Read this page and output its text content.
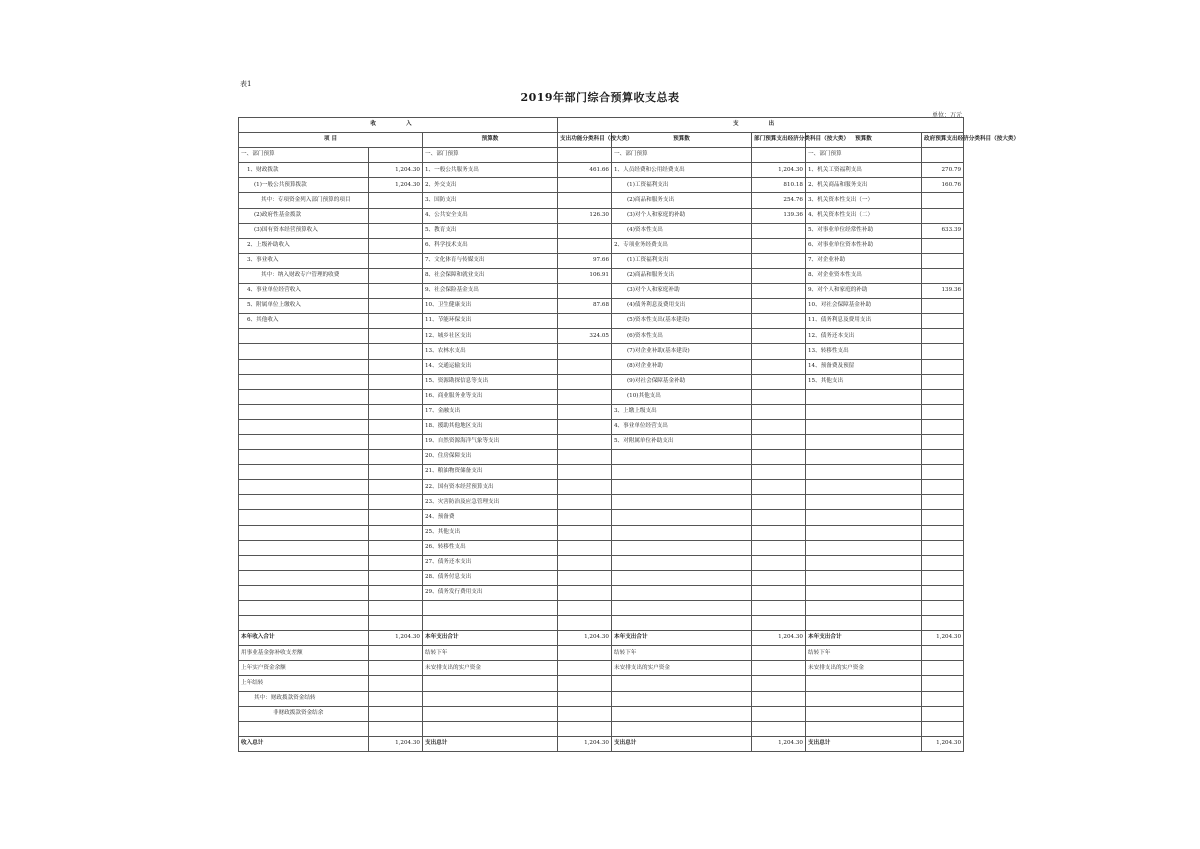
表1
2019年部门综合预算收支总表
单位：万元
收 入			支 出				
项 目		预算数	支出功能分类科目（按大类）	预算数	部门预算支出经济分类科目（按大类）	预算数	政府预算支出经济分类科目（按大类）
一、部门预算		一、部门预算		一、部门预算		一、部门预算	
1、财政拨款	1,204.30	1、一般公共服务支出	461.66	1、人员经费和公用经费支出	1,204.30	1、机关工资福利支出	270.79
(1)一般公共预算拨款	1,204.30	2、外交支出		(1)工资福利支出	810.18	2、机关商品和服务支出	160.76
其中：专项资金列入部门预算的项目		3、国防支出		(2)商品和服务支出	254.76	3、机关资本性支出（一）	
(2)政府性基金拨款		4、公共安全支出	126.30	(3)对个人和家庭的补助	139.36	4、机关资本性支出（二）	
(3)国有资本经营预算收入		5、教育支出		(4)资本性支出		5、对事业单位经常性补助	633.39
2、上级补助收入		6、科学技术支出		2、专项业务经费支出		6、对事业单位资本性补助	
3、事业收入		7、文化体育与传媒支出	97.66	(1)工资福利支出		7、对企业补助	
其中：纳入财政专户管理的收费		8、社会保障和就业支出	106.91	(2)商品和服务支出		8、对企业资本性支出	
4、事业单位经营收入		9、社会保险基金支出		(3)对个人和家庭补助		9、对个人和家庭的补助	139.36
5、附属单位上缴收入		10、卫生健康支出	87.68	(4)债务利息及费用支出		10、对社会保障基金补助	
6、其他收入		11、节能环保支出		(5)资本性支出(基本建设)		11、债务利息及费用支出	
		12、城乡社区支出	324.05	(6)资本性支出		12、债务还本支出	
		13、农林水支出		(7)对企业补助(基本建设)		13、转移性支出	
		14、交通运输支出		(8)对企业补助		14、预备费及预留	
		15、资源勘探信息等支出		(9)对社会保障基金补助		15、其他支出	
		16、商业服务业等支出		(10)其他支出			
		17、金融支出		3、上缴上级支出			
		18、援助其他地区支出		4、事业单位经营支出			
		19、自然资源海洋气象等支出		5、对附属单位补助支出			
		20、住房保障支出					
		21、粮油物资储备支出					
		22、国有资本经营预算支出					
		23、灾害防治及应急管理支出					
		24、预备费					
		25、其他支出					
		26、转移性支出					
		27、债务还本支出					
		28、债务付息支出					
		29、债务发行费用支出					

本年收入合计	1,204.30	本年支出合计	1,204.30	本年支出合计	1,204.30	本年支出合计	1,204.30
用事业基金弥补收支差额		结转下年		结转下年		结转下年	
上年实户资金余额		未安排支出的实户资金		未安排支出的实户资金		未安排支出的实户资金	
上年结转							
其中：财政拨款资金结转							
非财政拨款资金结余							

收入总计	1,204.30	支出总计	1,204.30	支出总计	1,204.30	支出总计	1,204.30
